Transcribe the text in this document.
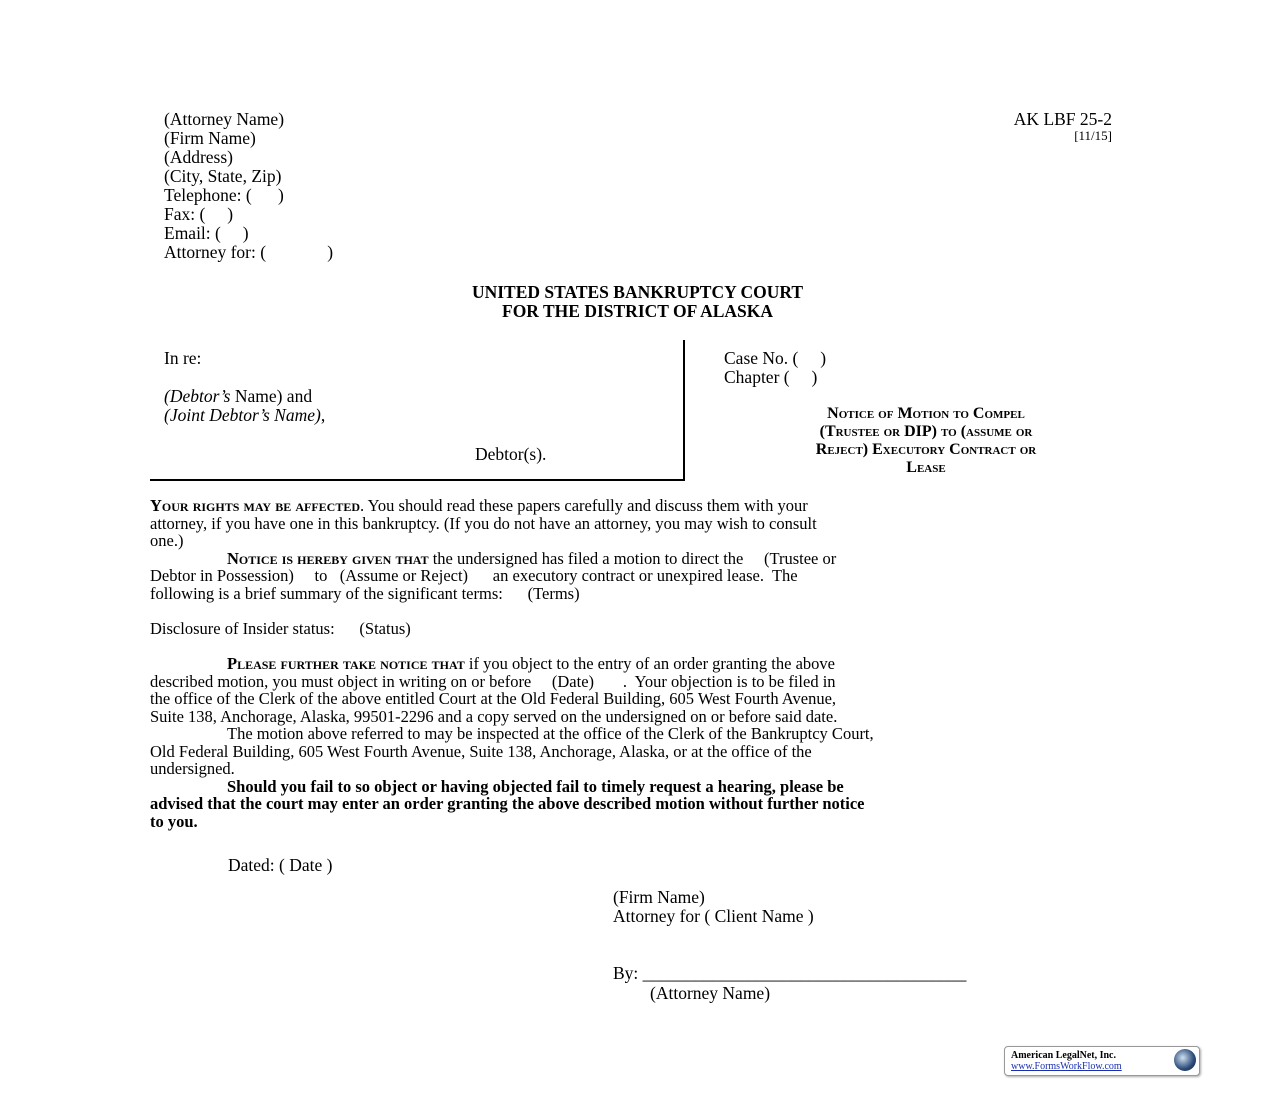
(Attorney Name)
(Firm Name)
(Address)
(City, State, Zip)
Telephone: (      )
Fax: (     )
Email: (     )
Attorney for: (              )
AK LBF 25-2
[11/15]
UNITED STATES BANKRUPTCY COURT
FOR THE DISTRICT OF ALASKA
In re:
(Debtor’s Name) and
(Joint Debtor’s Name),
Debtor(s).
Case No. (     )
Chapter (     )
Notice of Motion to Compel
(Trustee or DIP) to (assume or
Reject) Executory Contract or
Lease
Your rights may be affected. You should read these papers carefully and discuss them with your
attorney, if you have one in this bankruptcy. (If you do not have an attorney, you may wish to consult
one.)
Notice is hereby given that the undersigned has filed a motion to direct the     (Trustee or
Debtor in Possession)     to   (Assume or Reject)      an executory contract or unexpired lease.  The
following is a brief summary of the significant terms:      (Terms)
Disclosure of Insider status:      (Status)
Please further take notice that if you object to the entry of an order granting the above
described motion, you must object in writing on or before     (Date)       .  Your objection is to be filed in
the office of the Clerk of the above entitled Court at the Old Federal Building, 605 West Fourth Avenue,
Suite 138, Anchorage, Alaska, 99501-2296 and a copy served on the undersigned on or before said date.
The motion above referred to may be inspected at the office of the Clerk of the Bankruptcy Court,
Old Federal Building, 605 West Fourth Avenue, Suite 138, Anchorage, Alaska, or at the office of the
undersigned.
Should you fail to so object or having objected fail to timely request a hearing, please be
advised that the court may enter an order granting the above described motion without further notice
to you.
Dated: ( Date )
(Firm Name)
Attorney for ( Client Name )
By: _____________________________________
(Attorney Name)
American LegalNet, Inc.
www.FormsWorkFlow.com
